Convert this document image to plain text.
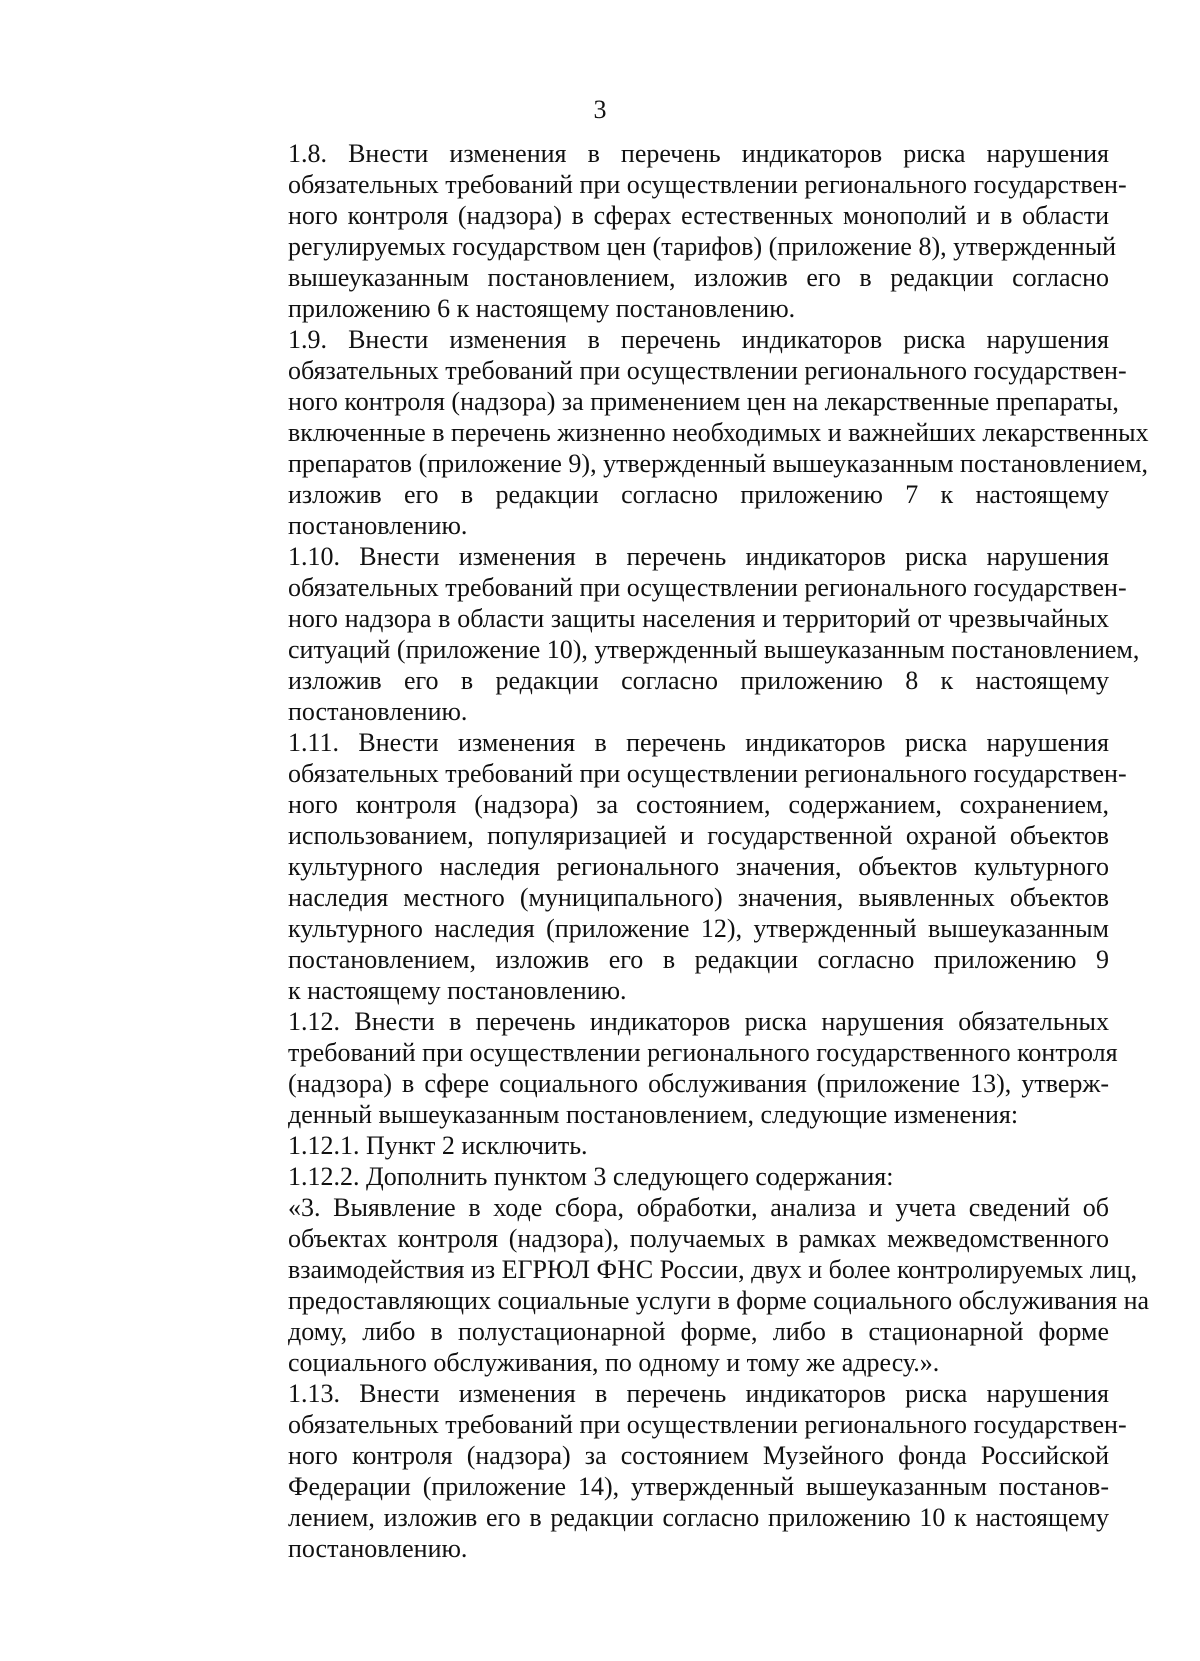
3

1.8. Внести изменения в перечень индикаторов риска нарушения
обязательных требований при осуществлении регионального государствен-
ного контроля (надзора) в сферах естественных монополий и в области
регулируемых государством цен (тарифов) (приложение 8), утвержденный
вышеуказанным постановлением, изложив его в редакции согласно
приложению 6 к настоящему постановлению.

1.9. Внести изменения в перечень индикаторов риска нарушения
обязательных требований при осуществлении регионального государствен-
ного контроля (надзора) за применением цен на лекарственные препараты,
включенные в перечень жизненно необходимых и важнейших лекарственных
препаратов (приложение 9), утвержденный вышеуказанным постановлением,
изложив его в редакции согласно приложению 7 к настоящему
постановлению.

1.10. Внести изменения в перечень индикаторов риска нарушения
обязательных требований при осуществлении регионального государствен-
ного надзора в области защиты населения и территорий от чрезвычайных
ситуаций (приложение 10), утвержденный вышеуказанным постановлением,
изложив его в редакции согласно приложению 8 к настоящему
постановлению.

1.11. Внести изменения в перечень индикаторов риска нарушения
обязательных требований при осуществлении регионального государствен-
ного контроля (надзора) за состоянием, содержанием, сохранением,
использованием, популяризацией и государственной охраной объектов
культурного наследия регионального значения, объектов культурного
наследия местного (муниципального) значения, выявленных объектов
культурного наследия (приложение 12), утвержденный вышеуказанным
постановлением, изложив его в редакции согласно приложению 9
к настоящему постановлению.

1.12. Внести в перечень индикаторов риска нарушения обязательных
требований при осуществлении регионального государственного контроля
(надзора) в сфере социального обслуживания (приложение 13), утверж-
денный вышеуказанным постановлением, следующие изменения:

1.12.1. Пункт 2 исключить.

1.12.2. Дополнить пунктом 3 следующего содержания:

«3. Выявление в ходе сбора, обработки, анализа и учета сведений об
объектах контроля (надзора), получаемых в рамках межведомственного
взаимодействия из ЕГРЮЛ ФНС России, двух и более контролируемых лиц,
предоставляющих социальные услуги в форме социального обслуживания на
дому, либо в полустационарной форме, либо в стационарной форме
социального обслуживания, по одному и тому же адресу.».

1.13. Внести изменения в перечень индикаторов риска нарушения
обязательных требований при осуществлении регионального государствен-
ного контроля (надзора) за состоянием Музейного фонда Российской
Федерации (приложение 14), утвержденный вышеуказанным постанов-
лением, изложив его в редакции согласно приложению 10 к настоящему
постановлению.
